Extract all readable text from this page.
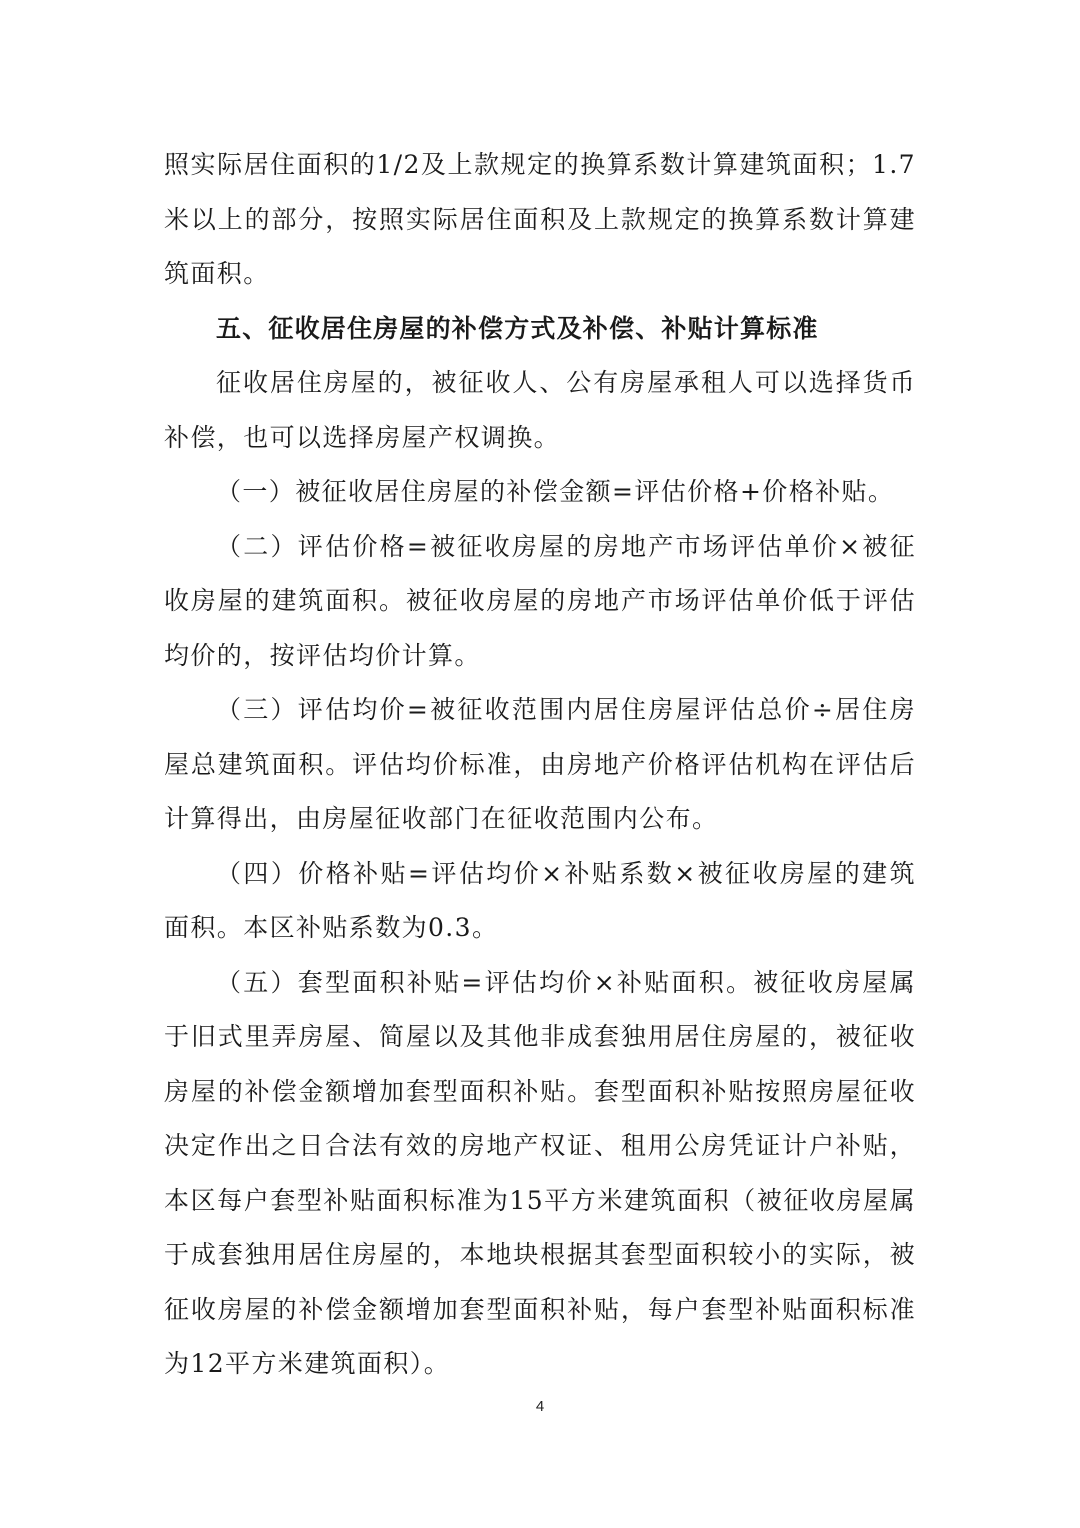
照实际居住面积的1/2及上款规定的换算系数计算建筑面积；1.7米以上的部分，按照实际居住面积及上款规定的换算系数计算建筑面积。

五、征收居住房屋的补偿方式及补偿、补贴计算标准

征收居住房屋的，被征收人、公有房屋承租人可以选择货币补偿，也可以选择房屋产权调换。

（一）被征收居住房屋的补偿金额=评估价格+价格补贴。

（二）评估价格=被征收房屋的房地产市场评估单价×被征收房屋的建筑面积。被征收房屋的房地产市场评估单价低于评估均价的，按评估均价计算。

（三）评估均价=被征收范围内居住房屋评估总价÷居住房屋总建筑面积。评估均价标准，由房地产价格评估机构在评估后计算得出，由房屋征收部门在征收范围内公布。

（四）价格补贴=评估均价×补贴系数×被征收房屋的建筑面积。本区补贴系数为0.3。

（五）套型面积补贴=评估均价×补贴面积。被征收房屋属于旧式里弄房屋、简屋以及其他非成套独用居住房屋的，被征收房屋的补偿金额增加套型面积补贴。套型面积补贴按照房屋征收决定作出之日合法有效的房地产权证、租用公房凭证计户补贴，本区每户套型补贴面积标准为15平方米建筑面积（被征收房屋属于成套独用居住房屋的，本地块根据其套型面积较小的实际，被征收房屋的补偿金额增加套型面积补贴，每户套型补贴面积标准为12平方米建筑面积）。

4
